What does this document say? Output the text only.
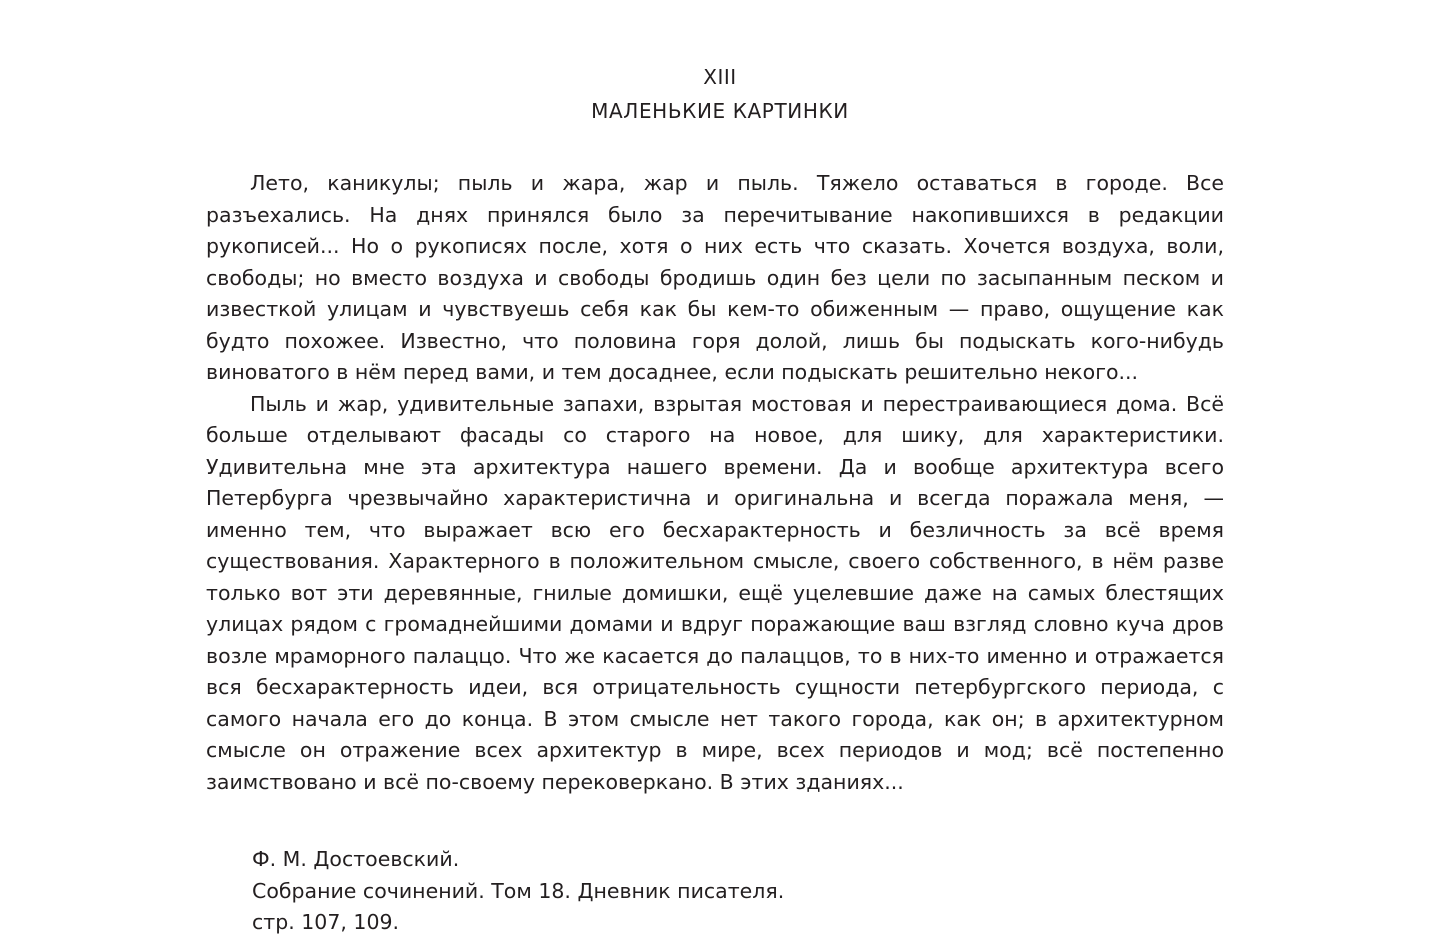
XIII
МАЛЕНЬКИЕ КАРТИНКИ

Лето, каникулы; пыль и жара, жар и пыль. Тяжело оставаться в городе. Все разъехались. На днях принялся было за перечитывание накопившихся в редакции рукописей... Но о рукописях после, хотя о них есть что сказать. Хочется воздуха, воли, свободы; но вместо воздуха и свободы бродишь один без цели по засыпанным песком и известкой улицам и чувствуешь себя как бы кем-то обиженным — право, ощущение как будто похожее. Известно, что половина горя долой, лишь бы подыскать кого-нибудь виноватого в нём перед вами, и тем досаднее, если подыскать решительно некого...

Пыль и жар, удивительные запахи, взрытая мостовая и перестраивающиеся дома. Всё больше отделывают фасады со старого на новое, для шику, для характеристики. Удивительна мне эта архитектура нашего времени. Да и вообще архитектура всего Петербурга чрезвычайно характеристична и оригинальна и всегда поражала меня, — именно тем, что выражает всю его бесхарактерность и безличность за всё время существования. Характерного в положительном смысле, своего собственного, в нём разве только вот эти деревянные, гнилые домишки, ещё уцелевшие даже на самых блестящих улицах рядом с громаднейшими домами и вдруг поражающие ваш взгляд словно куча дров возле мраморного палаццо. Что же касается до палаццов, то в них-то именно и отражается вся бесхарактерность идеи, вся отрицательность сущности петербургского периода, с самого начала его до конца. В этом смысле нет такого города, как он; в архитектурном смысле он отражение всех архитектур в мире, всех периодов и мод; всё постепенно заимствовано и всё по-своему перековеркано. В этих зданиях...

Ф. М. Достоевский.
Собрание сочинений. Том 18. Дневник писателя.
стр. 107, 109.
